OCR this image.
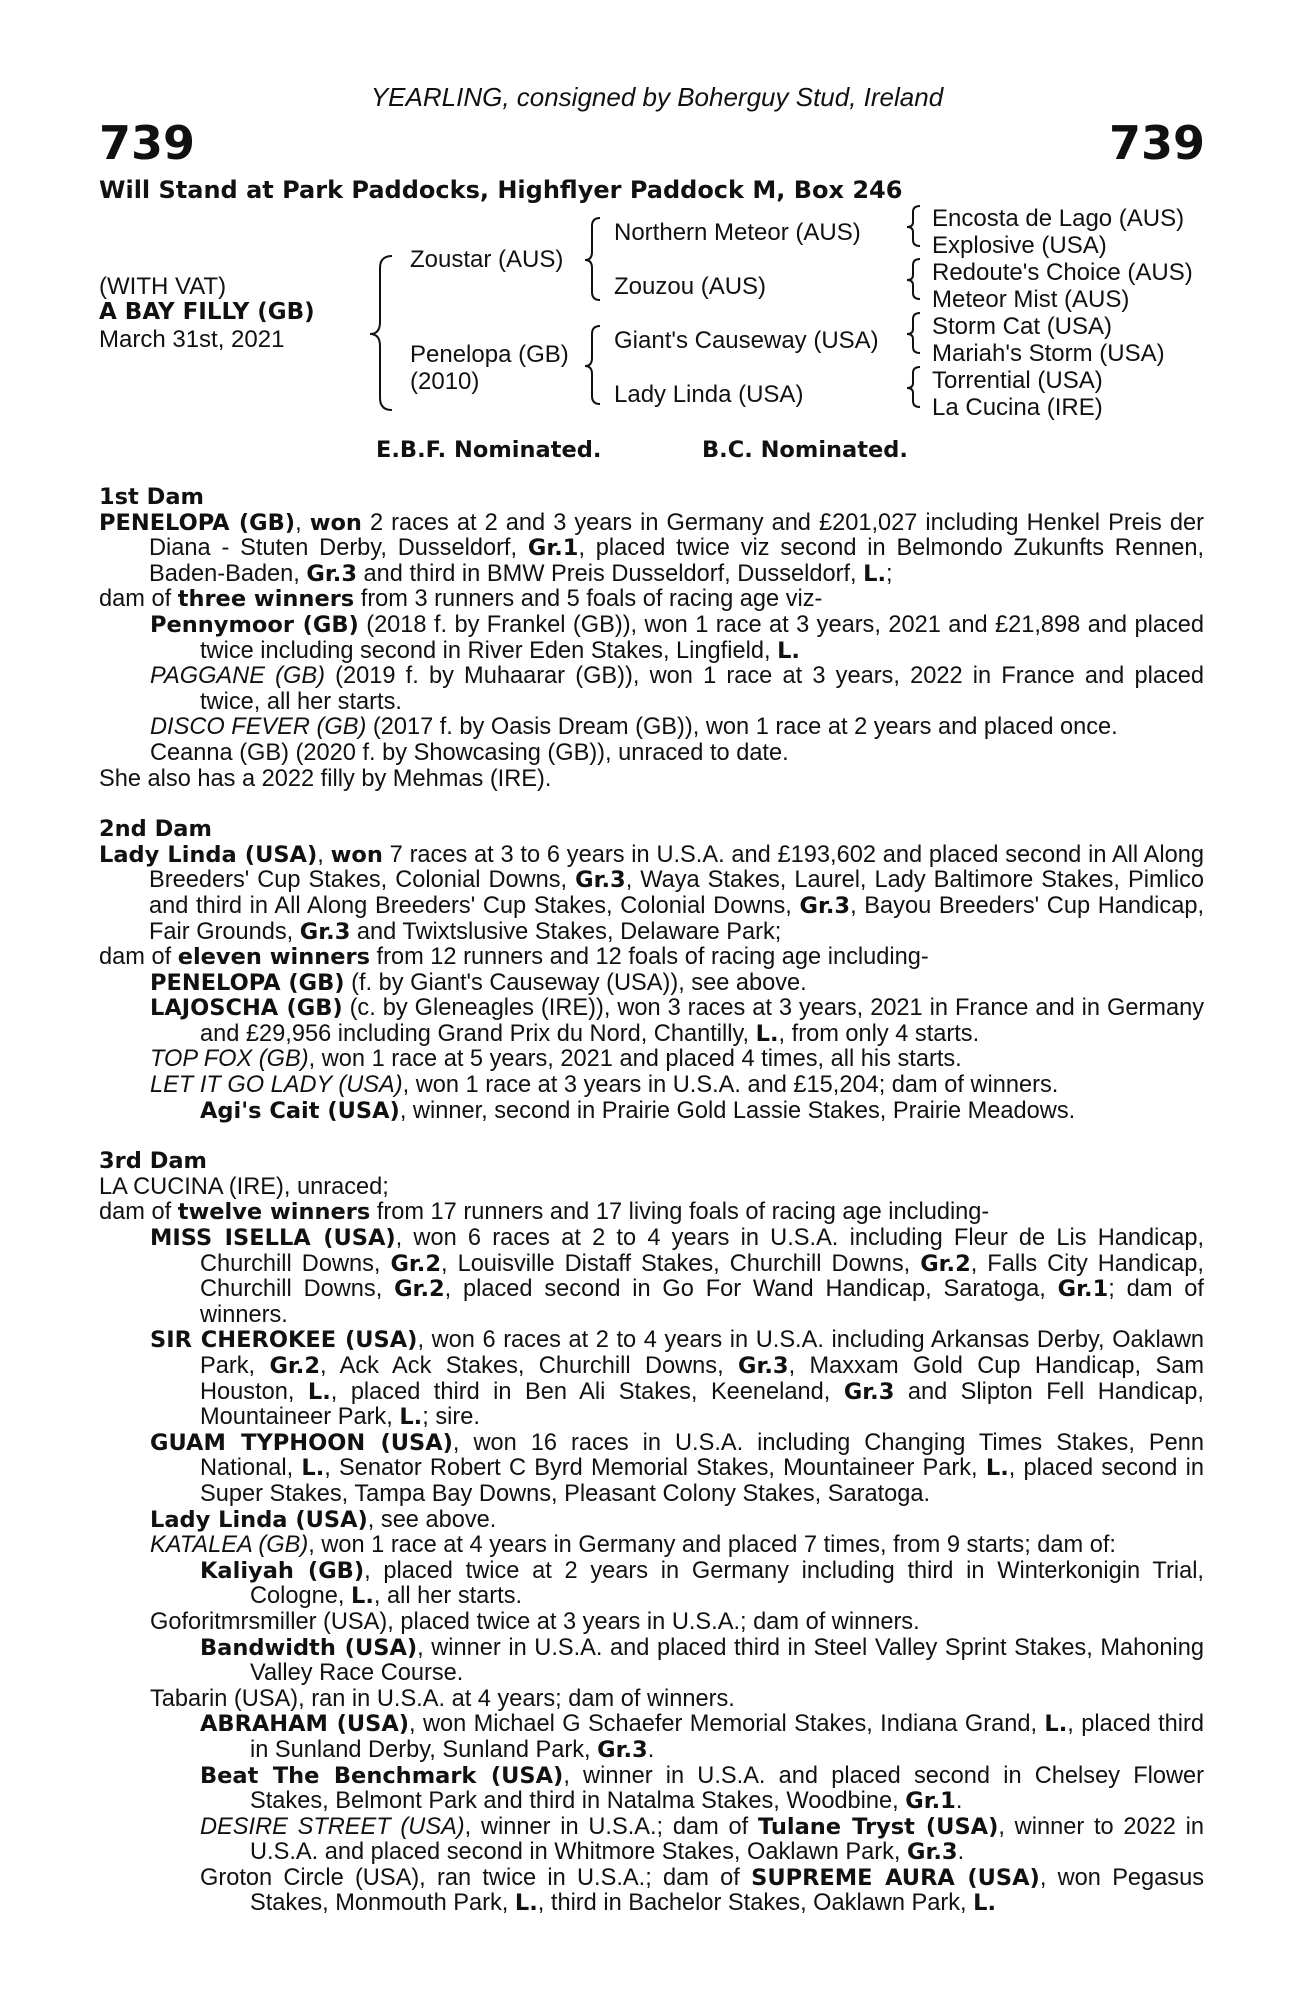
YEARLING, consigned by Boherguy Stud, Ireland
739	739
Will Stand at Park Paddocks, Highflyer Paddock M, Box 246
(WITH VAT)
A BAY FILLY (GB)
March 31st, 2021
Zoustar (AUS)
Penelopa (GB)
(2010)
Northern Meteor (AUS)
Zouzou (AUS)
Giant's Causeway (USA)
Lady Linda (USA)
Encosta de Lago (AUS)
Explosive (USA)
Redoute's Choice (AUS)
Meteor Mist (AUS)
Storm Cat (USA)
Mariah's Storm (USA)
Torrential (USA)
La Cucina (IRE)
E.B.F. Nominated.	B.C. Nominated.
1st Dam
PENELOPA (GB), won 2 races at 2 and 3 years in Germany and £201,027 including Henkel Preis der Diana - Stuten Derby, Dusseldorf, Gr.1, placed twice viz second in Belmondo Zukunfts Rennen, Baden-Baden, Gr.3 and third in BMW Preis Dusseldorf, Dusseldorf, L.;
dam of three winners from 3 runners and 5 foals of racing age viz-
Pennymoor (GB) (2018 f. by Frankel (GB)), won 1 race at 3 years, 2021 and £21,898 and placed twice including second in River Eden Stakes, Lingfield, L.
PAGGANE (GB) (2019 f. by Muhaarar (GB)), won 1 race at 3 years, 2022 in France and placed twice, all her starts.
DISCO FEVER (GB) (2017 f. by Oasis Dream (GB)), won 1 race at 2 years and placed once.
Ceanna (GB) (2020 f. by Showcasing (GB)), unraced to date.
She also has a 2022 filly by Mehmas (IRE).
2nd Dam
Lady Linda (USA), won 7 races at 3 to 6 years in U.S.A. and £193,602 and placed second in All Along Breeders' Cup Stakes, Colonial Downs, Gr.3, Waya Stakes, Laurel, Lady Baltimore Stakes, Pimlico and third in All Along Breeders' Cup Stakes, Colonial Downs, Gr.3, Bayou Breeders' Cup Handicap, Fair Grounds, Gr.3 and Twixtslusive Stakes, Delaware Park;
dam of eleven winners from 12 runners and 12 foals of racing age including-
PENELOPA (GB) (f. by Giant's Causeway (USA)), see above.
LAJOSCHA (GB) (c. by Gleneagles (IRE)), won 3 races at 3 years, 2021 in France and in Germany and £29,956 including Grand Prix du Nord, Chantilly, L., from only 4 starts.
TOP FOX (GB), won 1 race at 5 years, 2021 and placed 4 times, all his starts.
LET IT GO LADY (USA), won 1 race at 3 years in U.S.A. and £15,204; dam of winners.
Agi's Cait (USA), winner, second in Prairie Gold Lassie Stakes, Prairie Meadows.
3rd Dam
LA CUCINA (IRE), unraced;
dam of twelve winners from 17 runners and 17 living foals of racing age including-
MISS ISELLA (USA), won 6 races at 2 to 4 years in U.S.A. including Fleur de Lis Handicap, Churchill Downs, Gr.2, Louisville Distaff Stakes, Churchill Downs, Gr.2, Falls City Handicap, Churchill Downs, Gr.2, placed second in Go For Wand Handicap, Saratoga, Gr.1; dam of winners.
SIR CHEROKEE (USA), won 6 races at 2 to 4 years in U.S.A. including Arkansas Derby, Oaklawn Park, Gr.2, Ack Ack Stakes, Churchill Downs, Gr.3, Maxxam Gold Cup Handicap, Sam Houston, L., placed third in Ben Ali Stakes, Keeneland, Gr.3 and Slipton Fell Handicap, Mountaineer Park, L.; sire.
GUAM TYPHOON (USA), won 16 races in U.S.A. including Changing Times Stakes, Penn National, L., Senator Robert C Byrd Memorial Stakes, Mountaineer Park, L., placed second in Super Stakes, Tampa Bay Downs, Pleasant Colony Stakes, Saratoga.
Lady Linda (USA), see above.
KATALEA (GB), won 1 race at 4 years in Germany and placed 7 times, from 9 starts; dam of:
Kaliyah (GB), placed twice at 2 years in Germany including third in Winterkonigin Trial, Cologne, L., all her starts.
Goforitmrsmiller (USA), placed twice at 3 years in U.S.A.; dam of winners.
Bandwidth (USA), winner in U.S.A. and placed third in Steel Valley Sprint Stakes, Mahoning Valley Race Course.
Tabarin (USA), ran in U.S.A. at 4 years; dam of winners.
ABRAHAM (USA), won Michael G Schaefer Memorial Stakes, Indiana Grand, L., placed third in Sunland Derby, Sunland Park, Gr.3.
Beat The Benchmark (USA), winner in U.S.A. and placed second in Chelsey Flower Stakes, Belmont Park and third in Natalma Stakes, Woodbine, Gr.1.
DESIRE STREET (USA), winner in U.S.A.; dam of Tulane Tryst (USA), winner to 2022 in U.S.A. and placed second in Whitmore Stakes, Oaklawn Park, Gr.3.
Groton Circle (USA), ran twice in U.S.A.; dam of SUPREME AURA (USA), won Pegasus Stakes, Monmouth Park, L., third in Bachelor Stakes, Oaklawn Park, L.
